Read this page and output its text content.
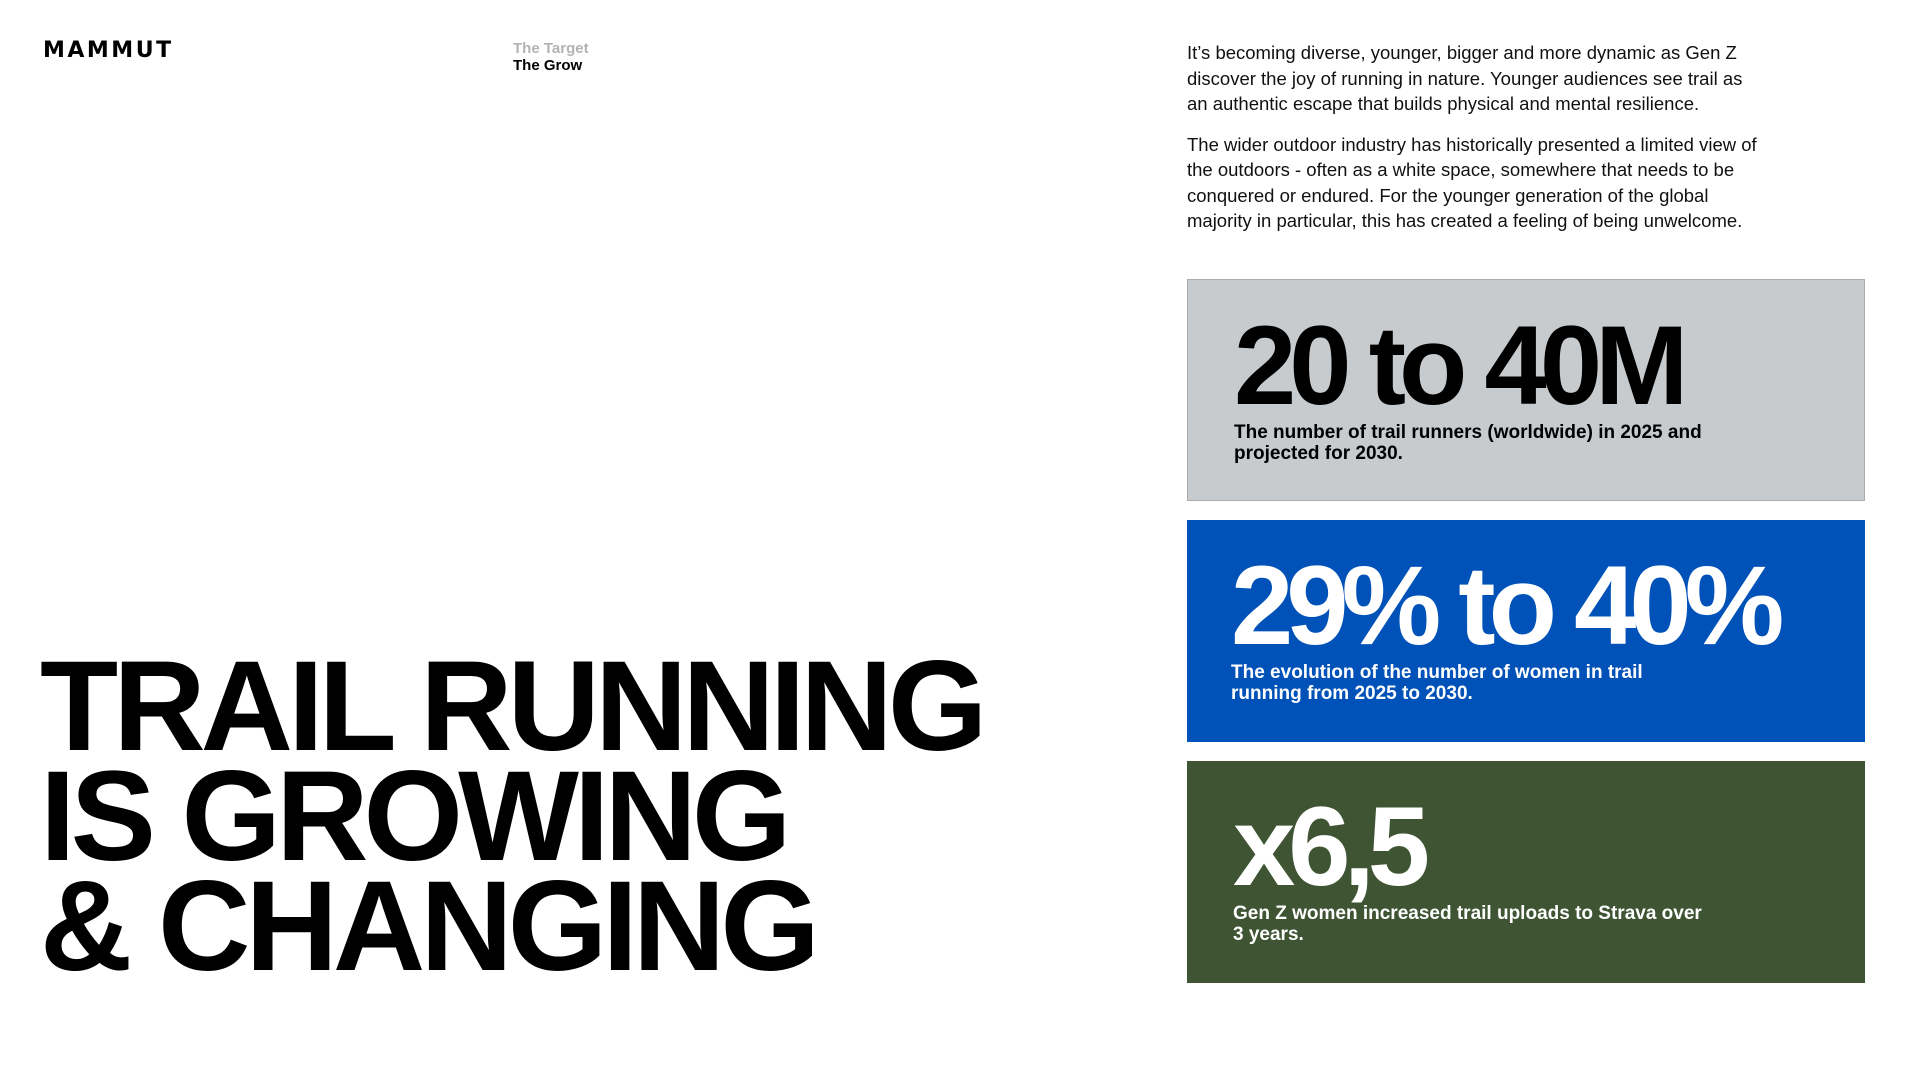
MAMMUT	The Target
The Grow
TRAIL RUNNING
IS GROWING
& CHANGING

It’s becoming diverse, younger, bigger and more dynamic as Gen Z discover the joy of running in nature. Younger audiences see trail as an authentic escape that builds physical and mental resilience.

The wider outdoor industry has historically presented a limited view of the outdoors - often as a white space, somewhere that needs to be conquered or endured. For the younger generation of the global majority in particular, this has created a feeling of being unwelcome.

20 to 40M
The number of trail runners (worldwide) in 2025 and projected for 2030.
29% to 40%
The evolution of the number of women in trail running from 2025 to 2030.
x6,5
Gen Z women increased trail uploads to Strava over 3 years.
